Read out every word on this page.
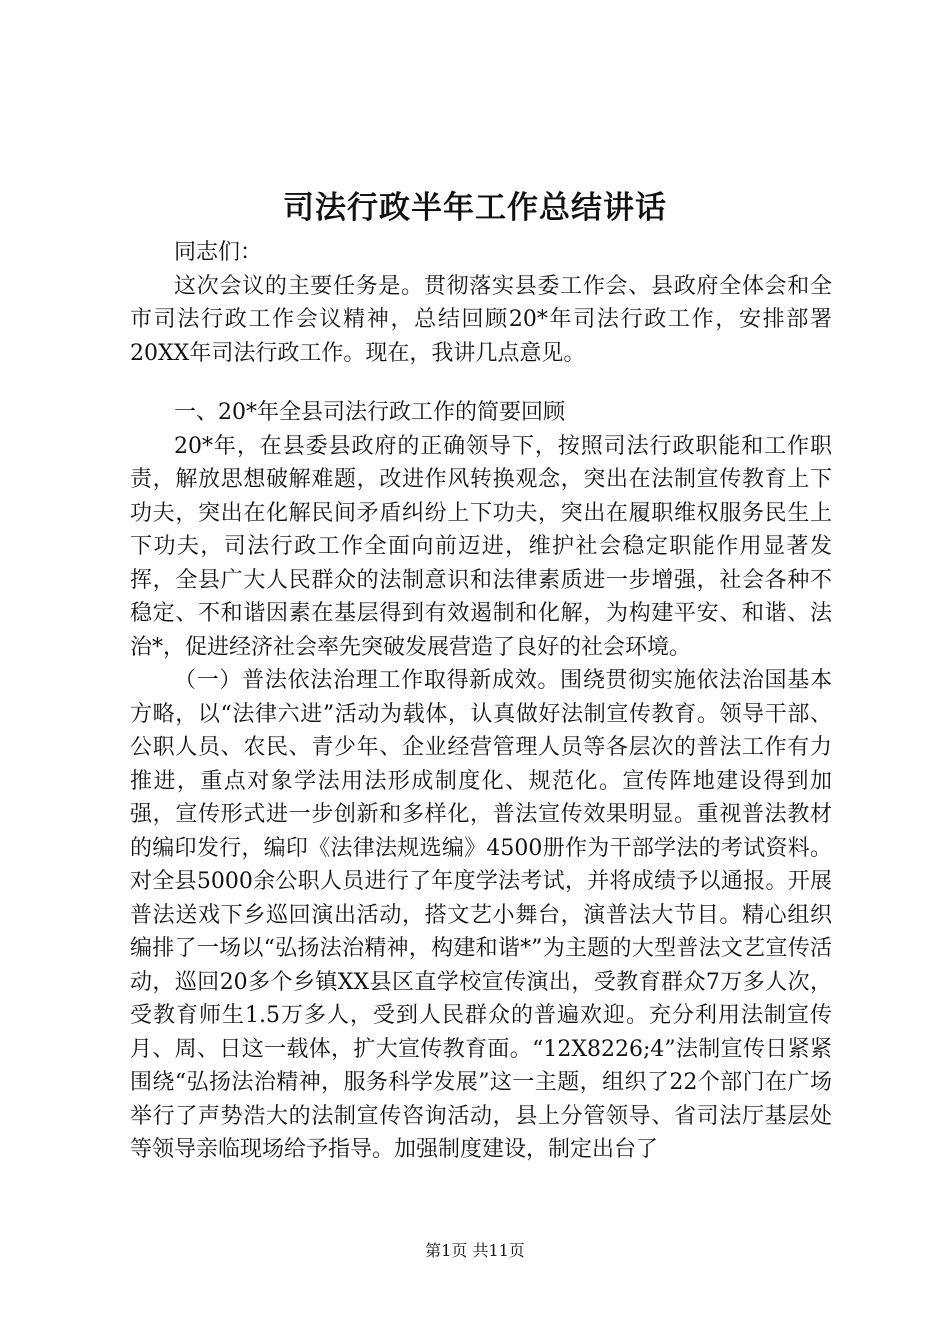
司法行政半年工作总结讲话

同志们：

这次会议的主要任务是。贯彻落实县委工作会、县政府全体会和全市司法行政工作会议精神，总结回顾20*年司法行政工作，安排部署20XX年司法行政工作。现在，我讲几点意见。

一、20*年全县司法行政工作的简要回顾

20*年，在县委县政府的正确领导下，按照司法行政职能和工作职责，解放思想破解难题，改进作风转换观念，突出在法制宣传教育上下功夫，突出在化解民间矛盾纠纷上下功夫，突出在履职维权服务民生上下功夫，司法行政工作全面向前迈进，维护社会稳定职能作用显著发挥，全县广大人民群众的法制意识和法律素质进一步增强，社会各种不稳定、不和谐因素在基层得到有效遏制和化解，为构建平安、和谐、法治*，促进经济社会率先突破发展营造了良好的社会环境。

（一）普法依法治理工作取得新成效。围绕贯彻实施依法治国基本方略，以“法律六进”活动为载体，认真做好法制宣传教育。领导干部、公职人员、农民、青少年、企业经营管理人员等各层次的普法工作有力推进，重点对象学法用法形成制度化、规范化。宣传阵地建设得到加强，宣传形式进一步创新和多样化，普法宣传效果明显。重视普法教材的编印发行，编印《法律法规选编》4500册作为干部学法的考试资料。对全县5000余公职人员进行了年度学法考试，并将成绩予以通报。开展普法送戏下乡巡回演出活动，搭文艺小舞台，演普法大节目。精心组织编排了一场以“弘扬法治精神，构建和谐*”为主题的大型普法文艺宣传活动，巡回20多个乡镇XX县区直学校宣传演出，受教育群众7万多人次，受教育师生1.5万多人，受到人民群众的普遍欢迎。充分利用法制宣传月、周、日这一载体，扩大宣传教育面。“12X8226;4”法制宣传日紧紧围绕“弘扬法治精神，服务科学发展”这一主题，组织了22个部门在广场举行了声势浩大的法制宣传咨询活动，县上分管领导、省司法厅基层处等领导亲临现场给予指导。加强制度建设，制定出台了

第1页 共11页
